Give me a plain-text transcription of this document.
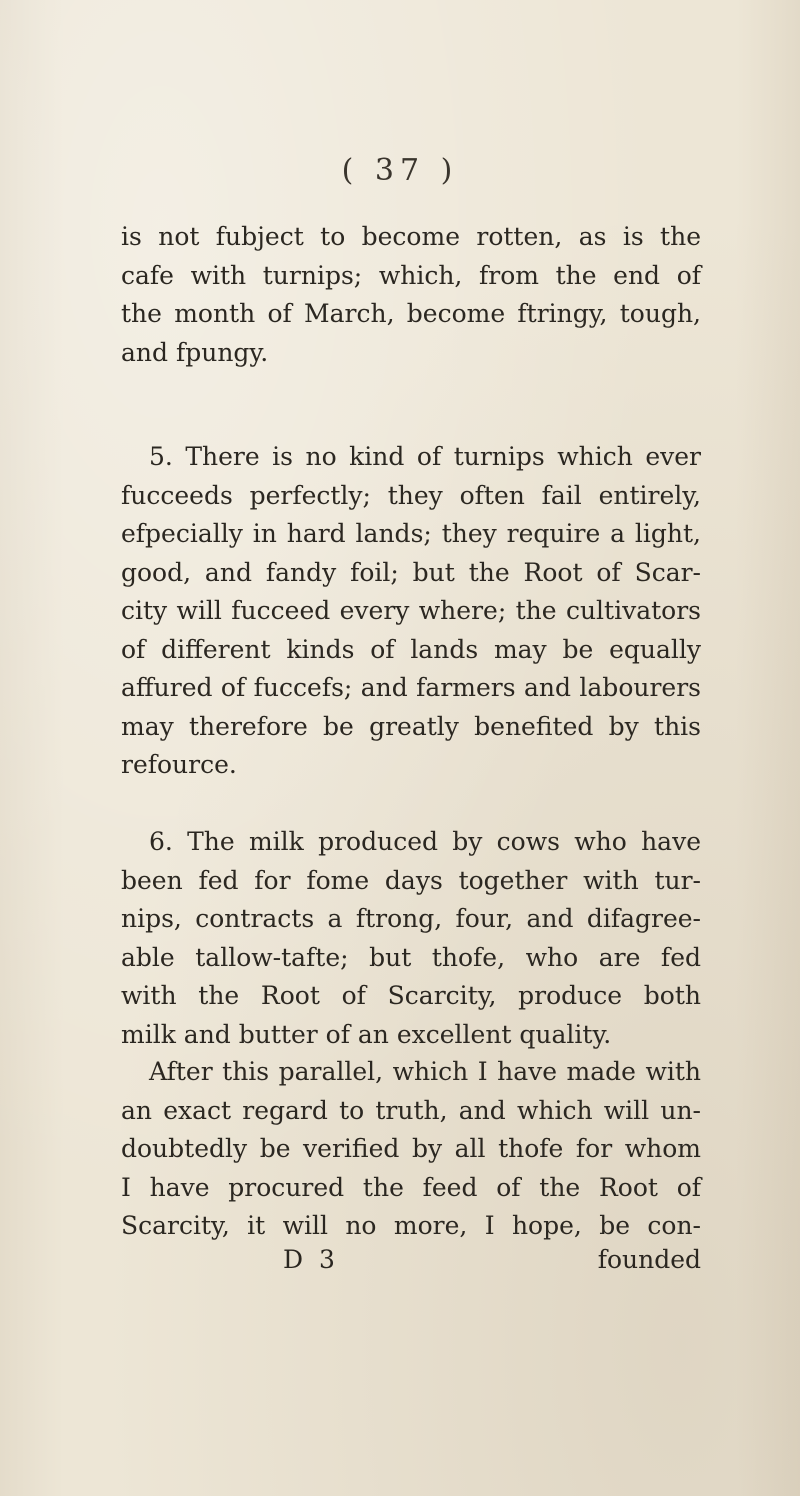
( 37 )
is not fubject to become rotten, as is the
cafe with turnips; which, from the end of
the month of March, become ftringy, tough,
and fpungy.
5. There is no kind of turnips which ever
fucceeds perfectly; they often fail entirely,
efpecially in hard lands; they require a light,
good, and fandy foil; but the Root of Scar-
city will fucceed every where; the cultivators
of different kinds of lands may be equally
affured of fuccefs; and farmers and labourers
may therefore be greatly benefited by this
refource.
6. The milk produced by cows who have
been fed for fome days together with tur-
nips, contracts a ftrong, four, and difagree-
able tallow-tafte; but thofe, who are fed
with the Root of Scarcity, produce both
milk and butter of an excellent quality.
After this parallel, which I have made with
an exact regard to truth, and which will un-
doubtedly be verified by all thofe for whom
I have procured the feed of the Root of
Scarcity, it will no more, I hope, be con-
D 3	founded
